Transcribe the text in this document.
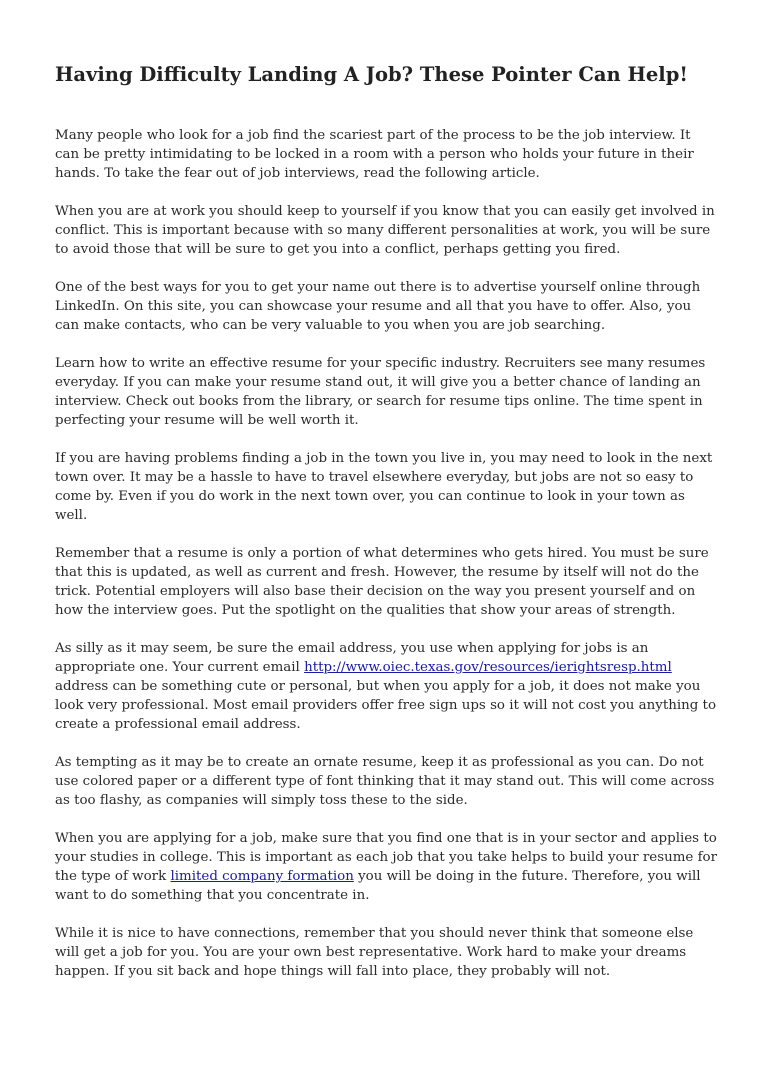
Having Difficulty Landing A Job? These Pointer Can Help!

Many people who look for a job find the scariest part of the process to be the job interview. It can be pretty intimidating to be locked in a room with a person who holds your future in their hands. To take the fear out of job interviews, read the following article.

When you are at work you should keep to yourself if you know that you can easily get involved in conflict. This is important because with so many different personalities at work, you will be sure to avoid those that will be sure to get you into a conflict, perhaps getting you fired.

One of the best ways for you to get your name out there is to advertise yourself online through LinkedIn. On this site, you can showcase your resume and all that you have to offer. Also, you can make contacts, who can be very valuable to you when you are job searching.

Learn how to write an effective resume for your specific industry. Recruiters see many resumes everyday. If you can make your resume stand out, it will give you a better chance of landing an interview. Check out books from the library, or search for resume tips online. The time spent in perfecting your resume will be well worth it.

If you are having problems finding a job in the town you live in, you may need to look in the next town over. It may be a hassle to have to travel elsewhere everyday, but jobs are not so easy to come by. Even if you do work in the next town over, you can continue to look in your town as well.

Remember that a resume is only a portion of what determines who gets hired. You must be sure that this is updated, as well as current and fresh. However, the resume by itself will not do the trick. Potential employers will also base their decision on the way you present yourself and on how the interview goes. Put the spotlight on the qualities that show your areas of strength.

As silly as it may seem, be sure the email address, you use when applying for jobs is an appropriate one. Your current email http://www.oiec.texas.gov/resources/ierightsresp.html address can be something cute or personal, but when you apply for a job, it does not make you look very professional. Most email providers offer free sign ups so it will not cost you anything to create a professional email address.

As tempting as it may be to create an ornate resume, keep it as professional as you can. Do not use colored paper or a different type of font thinking that it may stand out. This will come across as too flashy, as companies will simply toss these to the side.

When you are applying for a job, make sure that you find one that is in your sector and applies to your studies in college. This is important as each job that you take helps to build your resume for the type of work limited company formation you will be doing in the future. Therefore, you will want to do something that you concentrate in.

While it is nice to have connections, remember that you should never think that someone else will get a job for you. You are your own best representative. Work hard to make your dreams happen. If you sit back and hope things will fall into place, they probably will not.
